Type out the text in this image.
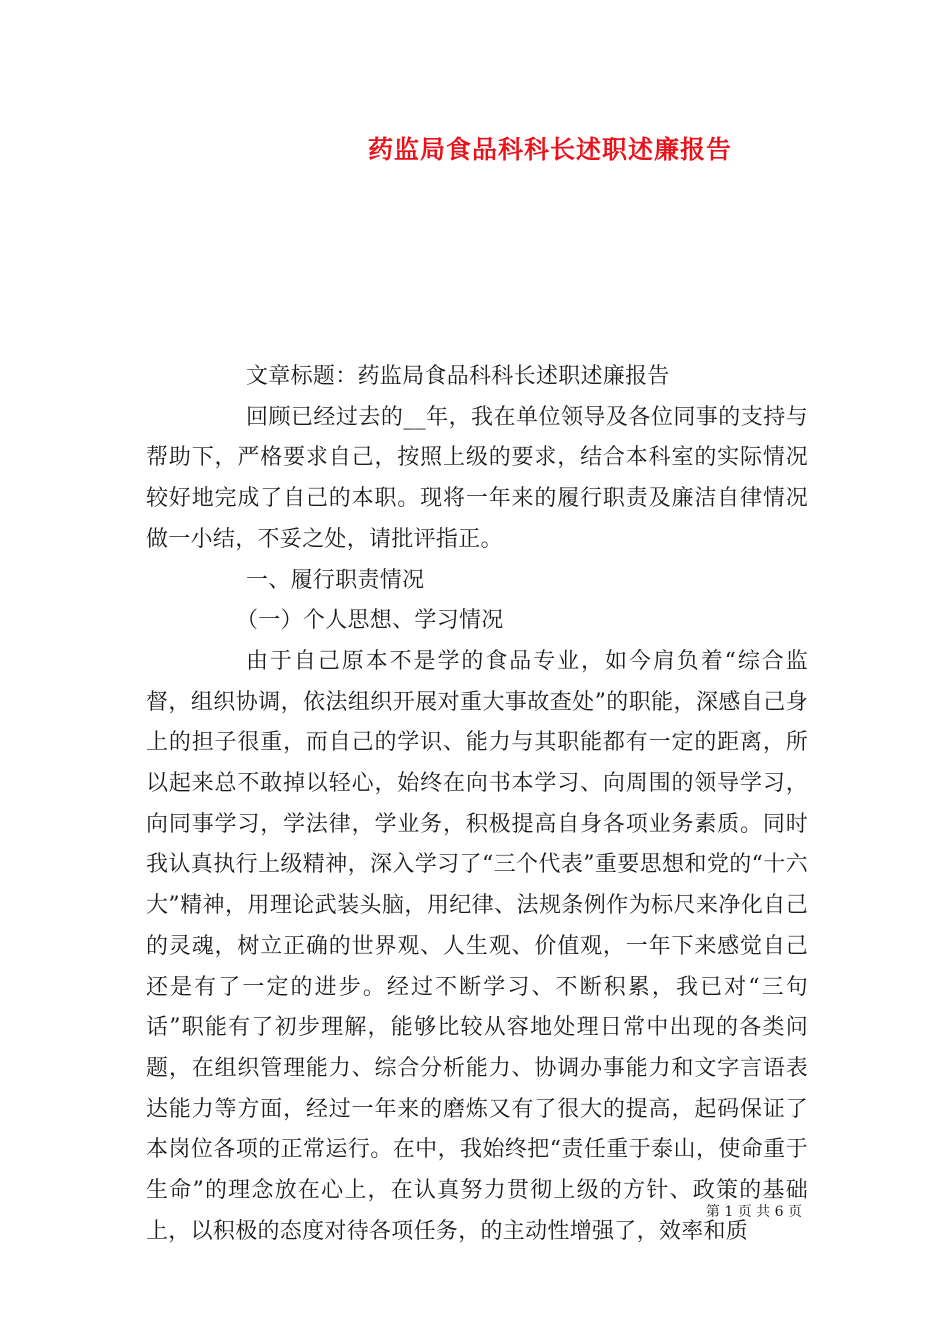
药监局食品科科长述职述廉报告

文章标题：药监局食品科科长述职述廉报告

回顾已经过去的__年，我在单位领导及各位同事的支持与帮助下，严格要求自己，按照上级的要求，结合本科室的实际情况较好地完成了自己的本职。现将一年来的履行职责及廉洁自律情况做一小结，不妥之处，请批评指正。

一、履行职责情况

（一）个人思想、学习情况

由于自己原本不是学的食品专业，如今肩负着“综合监督，组织协调，依法组织开展对重大事故查处”的职能，深感自己身上的担子很重，而自己的学识、能力与其职能都有一定的距离，所以起来总不敢掉以轻心，始终在向书本学习、向周围的领导学习，向同事学习，学法律，学业务，积极提高自身各项业务素质。同时我认真执行上级精神，深入学习了“三个代表”重要思想和党的“十六大”精神，用理论武装头脑，用纪律、法规条例作为标尺来净化自己的灵魂，树立正确的世界观、人生观、价值观，一年下来感觉自己还是有了一定的进步。经过不断学习、不断积累，我已对“三句话”职能有了初步理解，能够比较从容地处理日常中出现的各类问题，在组织管理能力、综合分析能力、协调办事能力和文字言语表达能力等方面，经过一年来的磨炼又有了很大的提高，起码保证了本岗位各项的正常运行。在中，我始终把“责任重于泰山，使命重于生命”的理念放在心上，在认真努力贯彻上级的方针、政策的基础上，以积极的态度对待各项任务，的主动性增强了，效率和质

第 1 页 共 6 页
